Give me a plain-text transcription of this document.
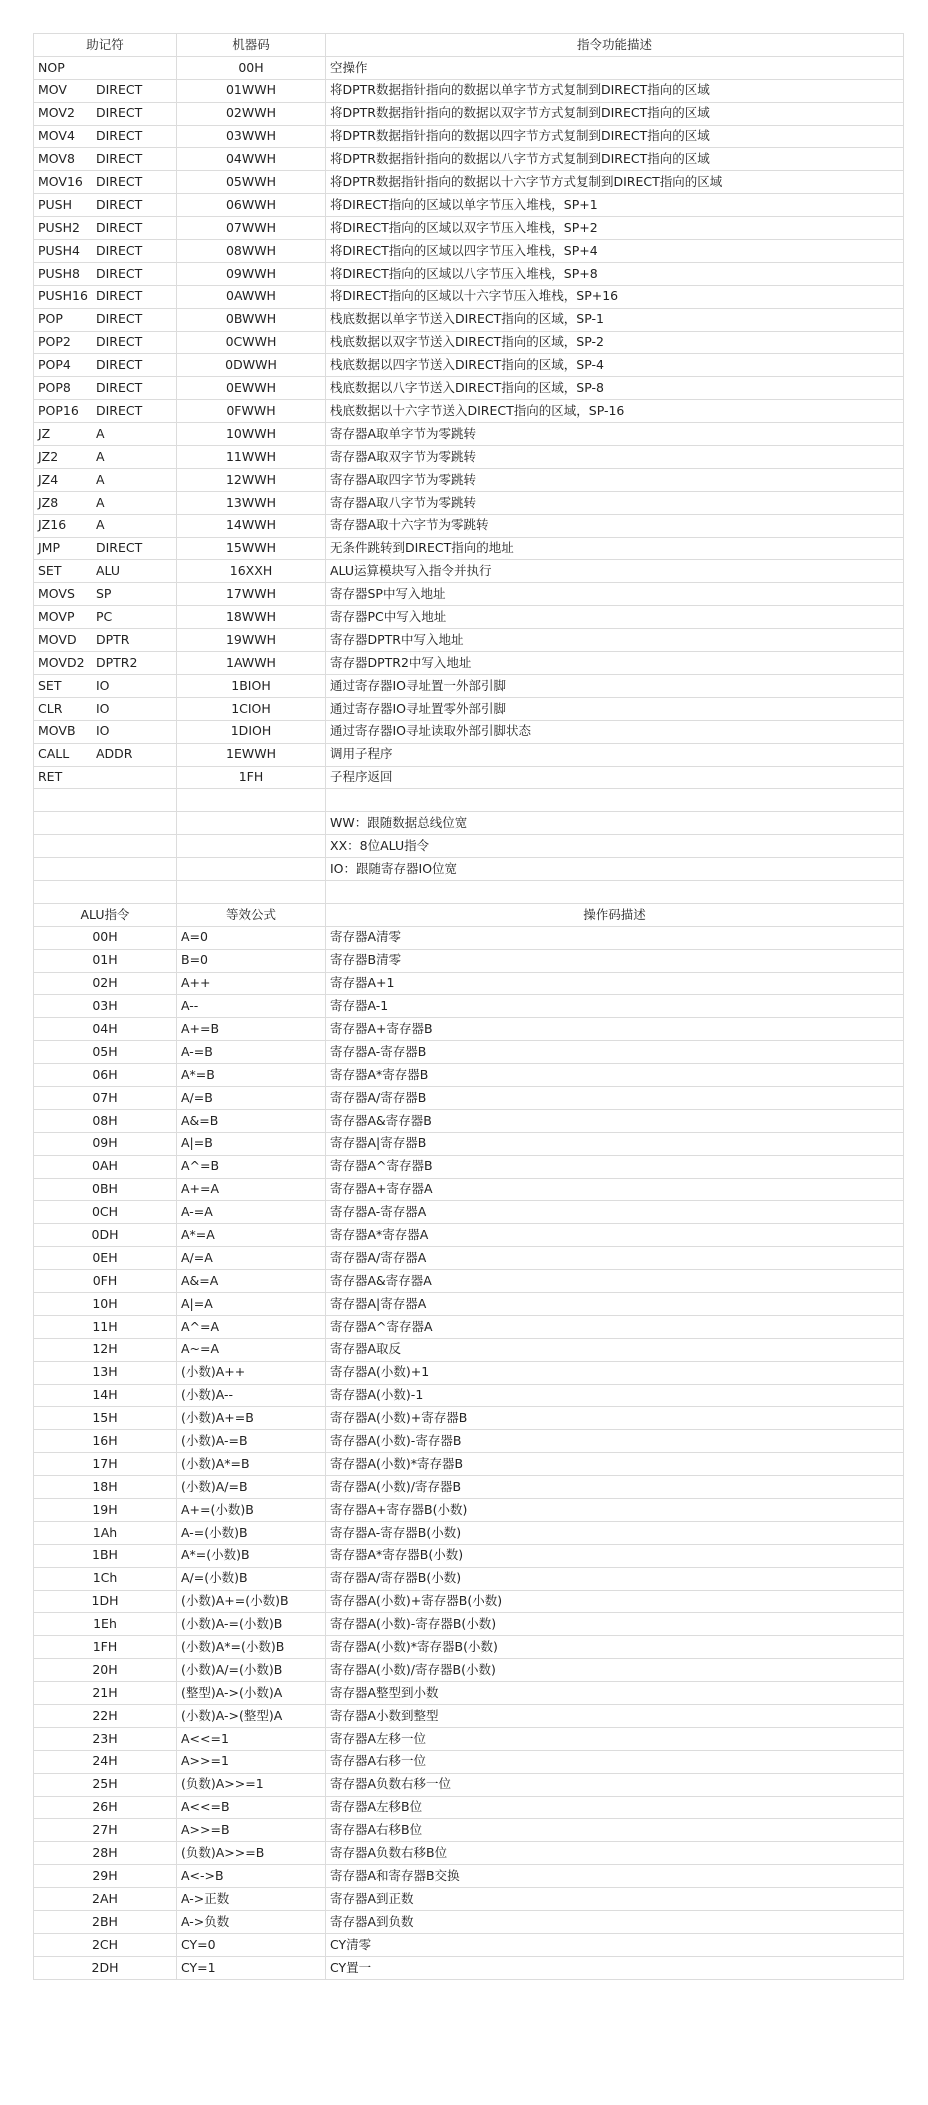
助记符	机器码	指令功能描述
NOP	00H	空操作
MOV DIRECT	01WWH	将DPTR数据指针指向的数据以单字节方式复制到DIRECT指向的区域
MOV2 DIRECT	02WWH	将DPTR数据指针指向的数据以双字节方式复制到DIRECT指向的区域
MOV4 DIRECT	03WWH	将DPTR数据指针指向的数据以四字节方式复制到DIRECT指向的区域
MOV8 DIRECT	04WWH	将DPTR数据指针指向的数据以八字节方式复制到DIRECT指向的区域
MOV16 DIRECT	05WWH	将DPTR数据指针指向的数据以十六字节方式复制到DIRECT指向的区域
PUSH DIRECT	06WWH	将DIRECT指向的区域以单字节压入堆栈，SP+1
PUSH2 DIRECT	07WWH	将DIRECT指向的区域以双字节压入堆栈，SP+2
PUSH4 DIRECT	08WWH	将DIRECT指向的区域以四字节压入堆栈，SP+4
PUSH8 DIRECT	09WWH	将DIRECT指向的区域以八字节压入堆栈，SP+8
PUSH16 DIRECT	0AWWH	将DIRECT指向的区域以十六字节压入堆栈，SP+16
POP DIRECT	0BWWH	栈底数据以单字节送入DIRECT指向的区域，SP-1
POP2 DIRECT	0CWWH	栈底数据以双字节送入DIRECT指向的区域，SP-2
POP4 DIRECT	0DWWH	栈底数据以四字节送入DIRECT指向的区域，SP-4
POP8 DIRECT	0EWWH	栈底数据以八字节送入DIRECT指向的区域，SP-8
POP16 DIRECT	0FWWH	栈底数据以十六字节送入DIRECT指向的区域，SP-16
JZ A	10WWH	寄存器A取单字节为零跳转
JZ2 A	11WWH	寄存器A取双字节为零跳转
JZ4 A	12WWH	寄存器A取四字节为零跳转
JZ8 A	13WWH	寄存器A取八字节为零跳转
JZ16 A	14WWH	寄存器A取十六字节为零跳转
JMP DIRECT	15WWH	无条件跳转到DIRECT指向的地址
SET ALU	16XXH	ALU运算模块写入指令并执行
MOVS SP	17WWH	寄存器SP中写入地址
MOVP PC	18WWH	寄存器PC中写入地址
MOVD DPTR	19WWH	寄存器DPTR中写入地址
MOVD2 DPTR2	1AWWH	寄存器DPTR2中写入地址
SET IO	1BIOH	通过寄存器IO寻址置一外部引脚
CLR IO	1CIOH	通过寄存器IO寻址置零外部引脚
MOVB IO	1DIOH	通过寄存器IO寻址读取外部引脚状态
CALL ADDR	1EWWH	调用子程序
RET	1FH	子程序返回

		WW：跟随数据总线位宽
		XX：8位ALU指令
		IO：跟随寄存器IO位宽

ALU指令	等效公式	操作码描述
00H	A=0	寄存器A清零
01H	B=0	寄存器B清零
02H	A++	寄存器A+1
03H	A--	寄存器A-1
04H	A+=B	寄存器A+寄存器B
05H	A-=B	寄存器A-寄存器B
06H	A*=B	寄存器A*寄存器B
07H	A/=B	寄存器A/寄存器B
08H	A&=B	寄存器A&寄存器B
09H	A|=B	寄存器A|寄存器B
0AH	A^=B	寄存器A^寄存器B
0BH	A+=A	寄存器A+寄存器A
0CH	A-=A	寄存器A-寄存器A
0DH	A*=A	寄存器A*寄存器A
0EH	A/=A	寄存器A/寄存器A
0FH	A&=A	寄存器A&寄存器A
10H	A|=A	寄存器A|寄存器A
11H	A^=A	寄存器A^寄存器A
12H	A~=A	寄存器A取反
13H	(小数)A++	寄存器A(小数)+1
14H	(小数)A--	寄存器A(小数)-1
15H	(小数)A+=B	寄存器A(小数)+寄存器B
16H	(小数)A-=B	寄存器A(小数)-寄存器B
17H	(小数)A*=B	寄存器A(小数)*寄存器B
18H	(小数)A/=B	寄存器A(小数)/寄存器B
19H	A+=(小数)B	寄存器A+寄存器B(小数)
1Ah	A-=(小数)B	寄存器A-寄存器B(小数)
1BH	A*=(小数)B	寄存器A*寄存器B(小数)
1Ch	A/=(小数)B	寄存器A/寄存器B(小数)
1DH	(小数)A+=(小数)B	寄存器A(小数)+寄存器B(小数)
1Eh	(小数)A-=(小数)B	寄存器A(小数)-寄存器B(小数)
1FH	(小数)A*=(小数)B	寄存器A(小数)*寄存器B(小数)
20H	(小数)A/=(小数)B	寄存器A(小数)/寄存器B(小数)
21H	(整型)A->(小数)A	寄存器A整型到小数
22H	(小数)A->(整型)A	寄存器A小数到整型
23H	A<<=1	寄存器A左移一位
24H	A>>=1	寄存器A右移一位
25H	(负数)A>>=1	寄存器A负数右移一位
26H	A<<=B	寄存器A左移B位
27H	A>>=B	寄存器A右移B位
28H	(负数)A>>=B	寄存器A负数右移B位
29H	A<->B	寄存器A和寄存器B交换
2AH	A->正数	寄存器A到正数
2BH	A->负数	寄存器A到负数
2CH	CY=0	CY清零
2DH	CY=1	CY置一
